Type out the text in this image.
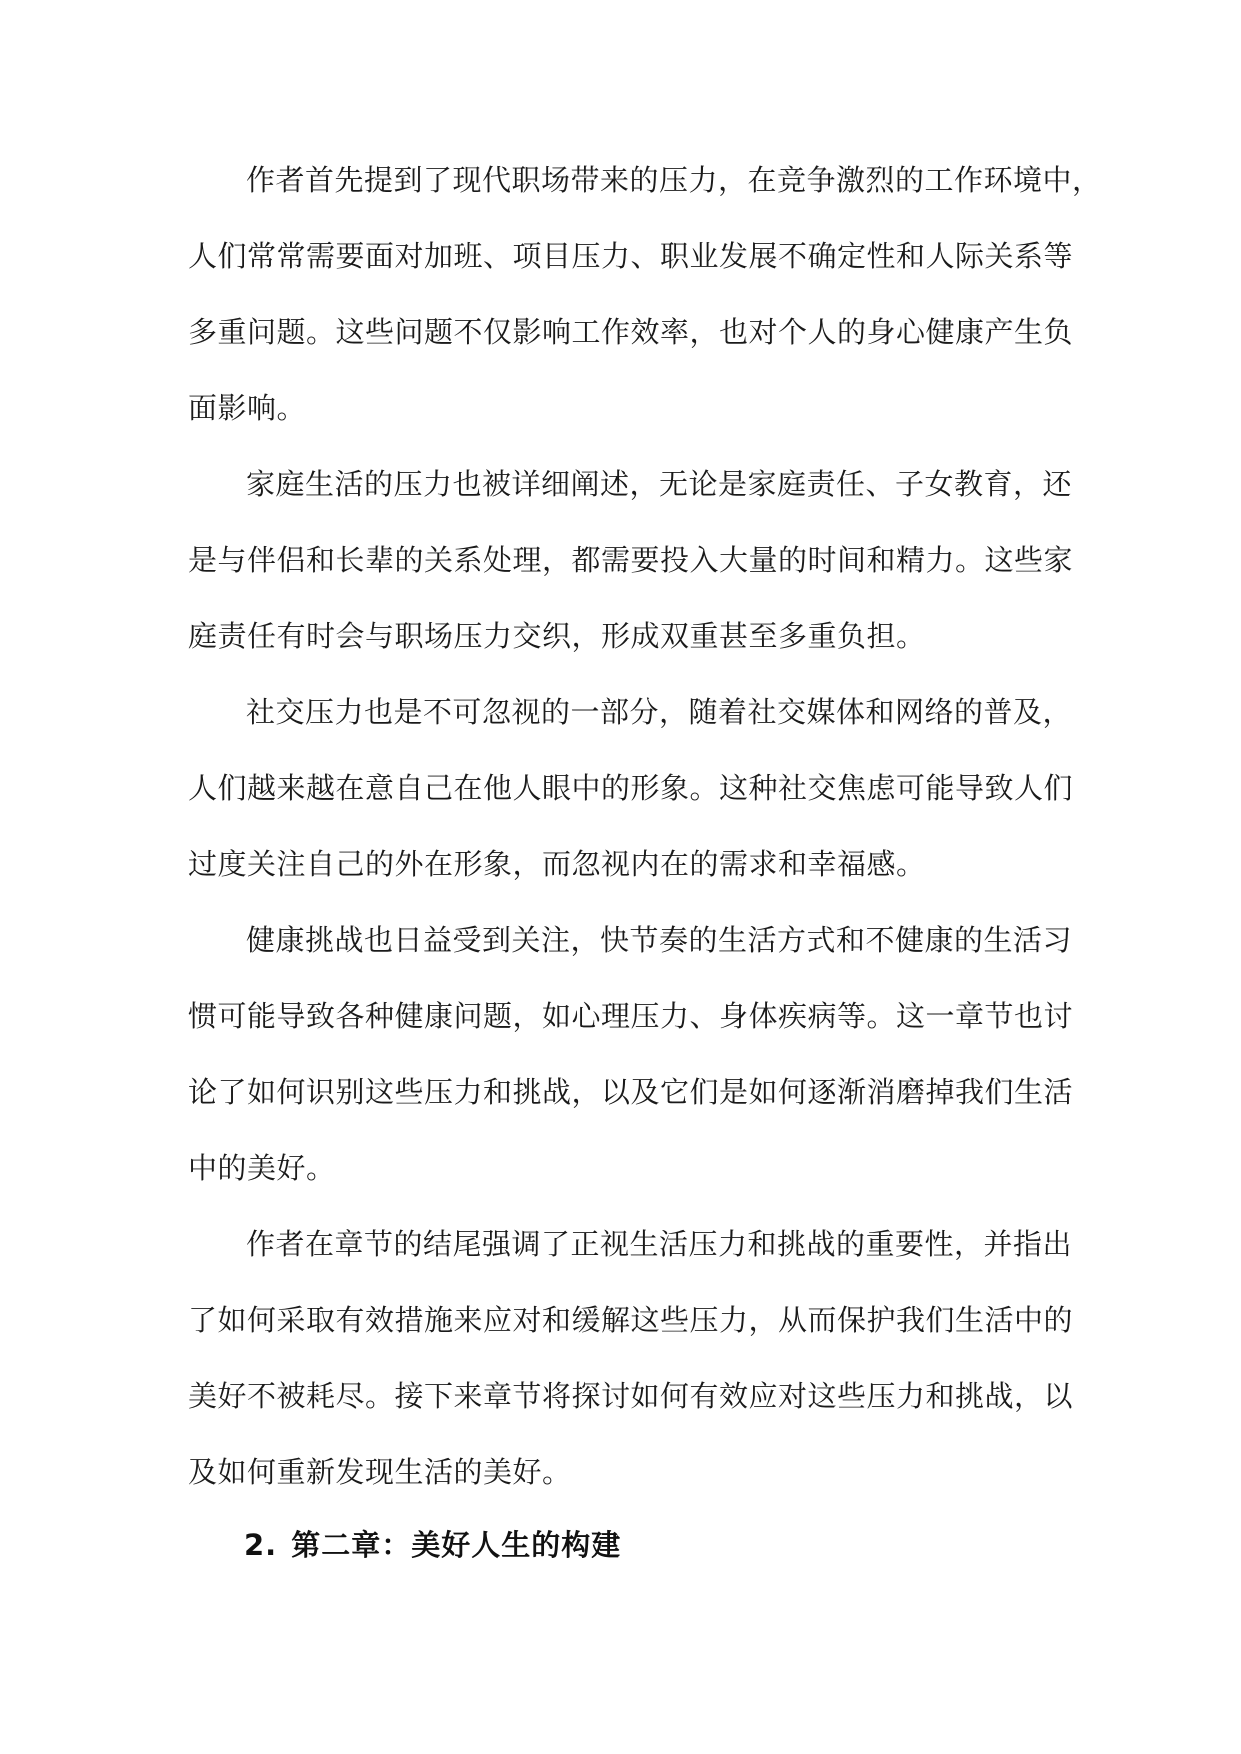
作者首先提到了现代职场带来的压力，在竞争激烈的工作环境中，
人们常常需要面对加班、项目压力、职业发展不确定性和人际关系等
多重问题。这些问题不仅影响工作效率，也对个人的身心健康产生负
面影响。
家庭生活的压力也被详细阐述，无论是家庭责任、子女教育，还
是与伴侣和长辈的关系处理，都需要投入大量的时间和精力。这些家
庭责任有时会与职场压力交织，形成双重甚至多重负担。
社交压力也是不可忽视的一部分，随着社交媒体和网络的普及，
人们越来越在意自己在他人眼中的形象。这种社交焦虑可能导致人们
过度关注自己的外在形象，而忽视内在的需求和幸福感。
健康挑战也日益受到关注，快节奏的生活方式和不健康的生活习
惯可能导致各种健康问题，如心理压力、身体疾病等。这一章节也讨
论了如何识别这些压力和挑战，以及它们是如何逐渐消磨掉我们生活
中的美好。
作者在章节的结尾强调了正视生活压力和挑战的重要性，并指出
了如何采取有效措施来应对和缓解这些压力，从而保护我们生活中的
美好不被耗尽。接下来章节将探讨如何有效应对这些压力和挑战，以
及如何重新发现生活的美好。
2. 第二章：美好人生的构建
